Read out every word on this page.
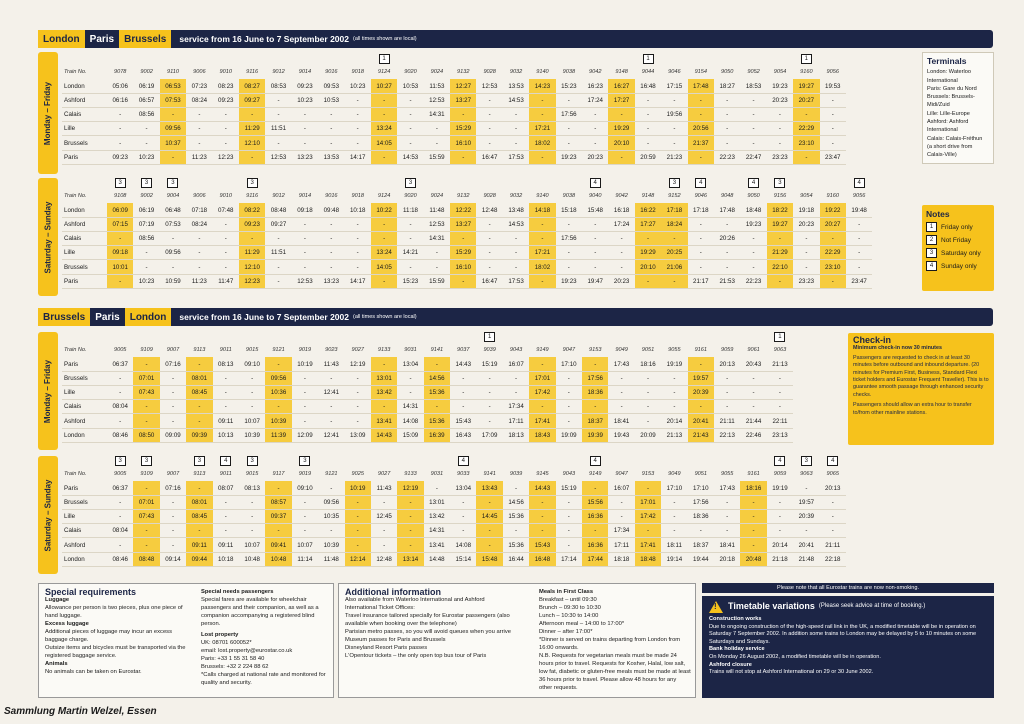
London	Paris	Brussels	service from 16 June to 7 September 2002 (all times shown are local)
Monday – Friday
											1										1						1	
Train No.	9078	9002	9110	9006	9010	9116	9012	9014	9016	9018	9124	9020	9024	9132	9028	9032	9140	9038	9042	9148	9044	9046	9154	9050	9052	9054	9160	9056
London	05:06	06:19	06:53	07:23	08:23	08:27	08:53	09:23	09:53	10:23	10:27	10:53	11:53	12:27	12:53	13:53	14:23	15:23	16:23	16:27	16:48	17:15	17:48	18:27	18:53	19:23	19:27	19:53
Ashford	06:16	06:57	07:53	08:24	09:23	09:27	-	10:23	10:53	-	-	-	12:53	13:27	-	14:53	-	-	17:24	17:27	-	-	-	-	-	20:23	20:27	-
Calais	-	08:56	-	-	-	-	-	-	-	-	-	-	14:31	-	-	-	-	17:56	-	-	-	19:56	-	-	-	-	-	-
Lille	-	-	09:56	-	-	11:29	11:51	-	-	-	13:24	-	-	15:29	-	-	17:21	-	-	19:29	-	-	20:56	-	-	-	22:29	-
Brussels	-	-	10:37	-	-	12:10	-	-	-	-	14:05	-	-	16:10	-	-	18:02	-	-	20:10	-	-	21:37	-	-	-	23:10	-
Paris	09:23	10:23	-	11:23	12:23	-	12:53	13:23	13:53	14:17	-	14:53	15:59	-	16:47	17:53	-	19:23	20:23	-	20:59	21:23	-	22:23	22:47	23:23	-	23:47
Saturday – Sunday
	3	3	3			3						3							4			3	4		4	3			4
Train No.	9108	9002	9004	9006	9010	9116	9012	9014	9016	9018	9124	9020	9024	9132	9028	9032	9140	9038	9040	9042	9148	9152	9046	9048	9050	9156	9054	9160	9056
London	06:09	06:19	06:48	07:18	07:48	08:22	08:48	09:18	09:48	10:18	10:22	11:18	11:48	12:22	12:48	13:48	14:18	15:18	15:48	16:18	16:22	17:18	17:18	17:48	18:48	18:22	19:18	19:22	19:48
Ashford	07:15	07:19	07:53	08:24	-	09:23	09:27	-	-	-	-	-	12:53	13:27	-	14:53	-	-	-	17:24	17:27	18:24	-	-	19:23	19:27	20:23	20:27	-
Calais	-	08:56	-	-	-	-	-	-	-	-	-	-	14:31	-	-	-	-	17:56	-	-	-	-	-	20:26	-	-	-	-	-
Lille	09:18	-	09:56	-	-	11:29	11:51	-	-	-	13:24	14:21	-	15:29	-	-	17:21	-	-	-	19:29	20:25	-	-	-	21:29	-	22:29	-
Brussels	10:01	-	-	-	-	12:10	-	-	-	-	14:05	-	-	16:10	-	-	18:02	-	-	-	20:10	21:06	-	-	-	22:10	-	23:10	-
Paris	-	10:23	10:59	11:23	11:47	12:23	-	12:53	13:23	14:17	-	15:23	15:59	-	16:47	17:53	-	19:23	19:47	20:23	-	-	21:17	21:53	22:23	-	23:23	-	23:47
Terminals
London: Waterloo International
Paris: Gare du Nord
Brussels: Brussels-Midi/Zuid
Lille: Lille-Europe
Ashford: Ashford International
Calais: Calais-Fréthun
(a short drive from Calais-Ville)
Notes
1	Friday only
2	Not Friday
3	Saturday only
4	Sunday only
Brussels	Paris	London	service from 16 June to 7 September 2002 (all times shown are local)
Monday – Friday
															1											1
Train No.	9005	9109	9007	9113	9011	9015	9121	9019	9023	9027	9133	9031	9141	9037	9039	9043	9149	9047	9153	9049	9051	9055	9161	9059	9061	9063
Paris	06:37	-	07:16	-	08:13	09:10	-	10:19	11:43	12:19	-	13:04	-	14:43	15:19	16:07	-	17:10	-	17:43	18:16	19:19	-	20:13	20:43	21:13
Brussels	-	07:01	-	08:01	-	-	09:56	-	-	-	13:01	-	14:56	-	-	-	17:01	-	17:56	-	-	-	19:57	-	-	-
Lille	-	07:43	-	08:45	-	-	10:36	-	12:41	-	13:42	-	15:36	-	-	-	17:42	-	18:36	-	-	-	20:39	-	-	-
Calais	08:04	-	-	-	-	-	-	-	-	-	-	14:31	-	-	-	17:34	-	-	-	-	-	-	-	-	-	-
Ashford	-	-	-	-	09:11	10:07	10:39	-	-	-	13:41	14:08	15:36	15:43	-	17:11	17:41	-	18:37	18:41	-	20:14	20:41	21:11	21:44	22:11
London	08:46	08:50	09:09	09:39	10:13	10:39	11:39	12:09	12:41	13:09	14:43	15:09	16:39	16:43	17:09	18:13	18:43	19:09	19:39	19:43	20:09	21:13	21:43	22:13	22:46	23:13
Saturday – Sunday
	3	3		3	4	3		3						4					4							4	3	4
Train No.	9005	9109	9007	9113	9011	9015	9117	9019	9121	9025	9027	9133	9031	9033	9141	9039	9145	9043	9149	9047	9153	9049	9051	9055	9161	9059	9063	9065
Paris	06:37	-	07:16	-	08:07	08:13	-	09:10	-	10:19	11:43	12:19	-	13:04	13:43	-	14:43	15:19	-	16:07	-	17:10	17:10	17:43	18:16	19:19	-	20:13
Brussels	-	07:01	-	08:01	-	-	08:57	-	09:56	-	-	-	13:01	-	-	14:56	-	-	15:56	-	17:01	-	17:56	-	-	-	19:57	-
Lille	-	07:43	-	08:45	-	-	09:37	-	10:35	-	12:45	-	13:42	-	14:45	15:36	-	-	16:36	-	17:42	-	18:36	-	-	-	20:39	-
Calais	08:04	-	-	-	-	-	-	-	-	-	-	-	14:31	-	-	-	-	-	-	17:34	-	-	-	-	-	-	-	-
Ashford	-	-	-	09:11	09:11	10:07	09:41	10:07	10:39	-	-	-	13:41	14:08	-	15:36	15:43	-	16:36	17:11	17:41	18:11	18:37	18:41	-	20:14	20:41	21:11
London	08:46	08:48	09:14	09:44	10:18	10:48	10:48	11:14	11:48	12:14	12:48	13:14	14:48	15:14	15:48	16:44	16:48	17:14	17:44	18:18	18:48	19:14	19:44	20:18	20:48	21:18	21:48	22:18
Check-in
Minimum check-in now 30 minutes

Passengers are requested to check in at least 30 minutes before outbound and inbound departure. (20 minutes for Premium First, Business, Standard Flexi ticket holders and Eurostar Frequent Traveller). This is to guarantee smooth passage through enhanced security checks.

Passengers should allow an extra hour to transfer to/from other mainline stations.

Special requirements
Luggage
Allowance per person is two pieces, plus one piece of hand luggage.
Excess luggage
Additional pieces of luggage may incur an excess baggage charge.
Outsize items and bicycles must be transported via the registered baggage service.
Animals
No animals can be taken on Eurostar.
Special needs passengers
Special fares are available for wheelchair passengers and their companion, as well as a companion accompanying a registered blind person.
Lost property
UK: 08701 600052*
email: lost.property@eurostar.co.uk
Paris: +33 1 55 31 58 40
Brussels: +32 2 224 88 62
*Calls charged at national rate and monitored for quality and security.
Additional information
Also available from Waterloo International and Ashford International Ticket Offices:
Travel insurance tailored specially for Eurostar passengers (also available when booking over the telephone)
Parisian metro passes, so you will avoid queues when you arrive
Museum passes for Paris and Brussels
Disneyland Resort Paris passes
L'Opentour tickets – the only open top bus tour of Paris
Meals in First Class
Breakfast – until 09:30
Brunch – 09:30 to 10:30
Lunch – 10:30 to 14:00
Afternoon meal – 14:00 to 17:00*
Dinner – after 17:00*
*Dinner is served on trains departing from London from 16:00 onwards.
N.B. Requests for vegetarian meals must be made 24 hours prior to travel. Requests for Kosher, Halal, low salt, low fat, diabetic or gluten-free meals must be made at least 36 hours prior to travel. Please allow 48 hours for any other requests.
Please note that all Eurostar trains are now non-smoking.
! Timetable variations (Please seek advice at time of booking.)
Construction works
Due to ongoing construction of the high-speed rail link in the UK, a modified timetable will be in operation on Saturday 7 September 2002. In addition some trains to London may be delayed by 5 to 10 minutes on some Saturdays and Sundays.
Bank holiday service
On Monday 26 August 2002, a modified timetable will be in operation.
Ashford closure
Trains will not stop at Ashford International on 29 or 30 June 2002.
Sammlung Martin Welzel, Essen
